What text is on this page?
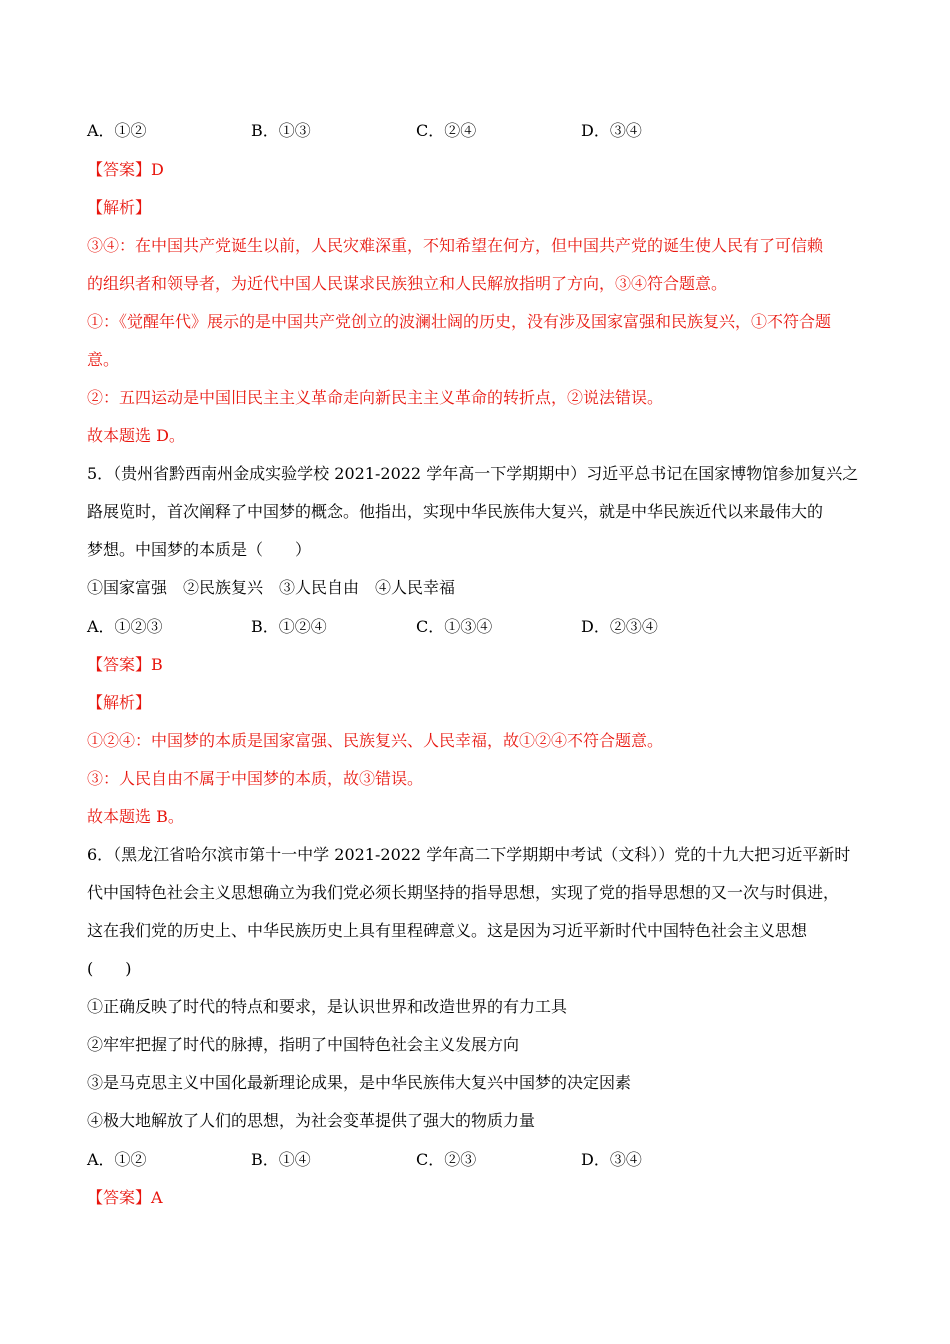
A．①②	B．①③	C．②④	D．③④
【答案】D
【解析】
③④：在中国共产党诞生以前，人民灾难深重，不知希望在何方，但中国共产党的诞生使人民有了可信赖
的组织者和领导者，为近代中国人民谋求民族独立和人民解放指明了方向，③④符合题意。
①：《觉醒年代》展示的是中国共产党创立的波澜壮阔的历史，没有涉及国家富强和民族复兴，①不符合题
意。
②：五四运动是中国旧民主主义革命走向新民主主义革命的转折点，②说法错误。
故本题选 D。
5．（贵州省黔西南州金成实验学校 2021-2022 学年高一下学期期中）习近平总书记在国家博物馆参加复兴之
路展览时，首次阐释了中国梦的概念。他指出，实现中华民族伟大复兴，就是中华民族近代以来最伟大的
梦想。中国梦的本质是（　　）
①国家富强　②民族复兴　③人民自由　④人民幸福
A．①②③	B．①②④	C．①③④	D．②③④
【答案】B
【解析】
①②④：中国梦的本质是国家富强、民族复兴、人民幸福，故①②④不符合题意。
③：人民自由不属于中国梦的本质，故③错误。
故本题选 B。
6．（黑龙江省哈尔滨市第十一中学 2021-2022 学年高二下学期期中考试（文科））党的十九大把习近平新时
代中国特色社会主义思想确立为我们党必须长期坚持的指导思想，实现了党的指导思想的又一次与时俱进，
这在我们党的历史上、中华民族历史上具有里程碑意义。这是因为习近平新时代中国特色社会主义思想
(　　)
①正确反映了时代的特点和要求，是认识世界和改造世界的有力工具
②牢牢把握了时代的脉搏，指明了中国特色社会主义发展方向
③是马克思主义中国化最新理论成果，是中华民族伟大复兴中国梦的决定因素
④极大地解放了人们的思想，为社会变革提供了强大的物质力量
A．①②	B．①④	C．②③	D．③④
【答案】A
